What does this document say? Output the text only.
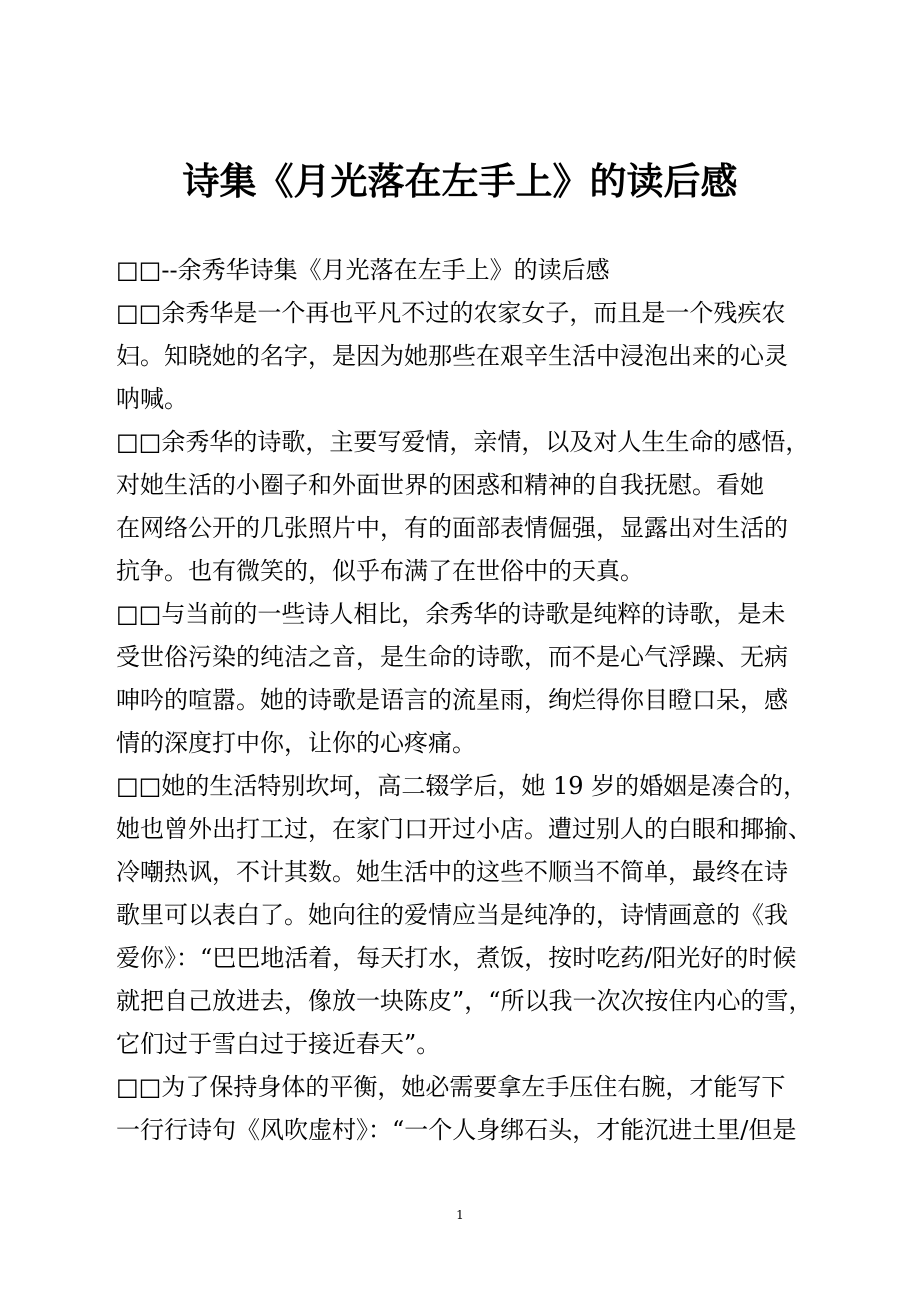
诗集《月光落在左手上》的读后感
□□--余秀华诗集《月光落在左手上》的读后感
□□余秀华是一个再也平凡不过的农家女子，而且是一个残疾农
妇。知晓她的名字，是因为她那些在艰辛生活中浸泡出来的心灵
呐喊。
□□余秀华的诗歌，主要写爱情，亲情，以及对人生生命的感悟，
对她生活的小圈子和外面世界的困惑和精神的自我抚慰。看她
在网络公开的几张照片中，有的面部表情倔强，显露出对生活的
抗争。也有微笑的，似乎布满了在世俗中的天真。
□□与当前的一些诗人相比，余秀华的诗歌是纯粹的诗歌，是未
受世俗污染的纯洁之音，是生命的诗歌，而不是心气浮躁、无病
呻吟的喧嚣。她的诗歌是语言的流星雨，绚烂得你目瞪口呆，感
情的深度打中你，让你的心疼痛。
□□她的生活特别坎坷，高二辍学后，她 19 岁的婚姻是凑合的，
她也曾外出打工过，在家门口开过小店。遭过别人的白眼和揶揄、
冷嘲热讽，不计其数。她生活中的这些不顺当不简单，最终在诗
歌里可以表白了。她向往的爱情应当是纯净的，诗情画意的《我
爱你》：“巴巴地活着，每天打水，煮饭，按时吃药/阳光好的时候
就把自己放进去，像放一块陈皮”，“所以我一次次按住内心的雪，
它们过于雪白过于接近春天”。
□□为了保持身体的平衡，她必需要拿左手压住右腕，才能写下
一行行诗句《风吹虚村》：“一个人身绑石头，才能沉进土里/但是
1
